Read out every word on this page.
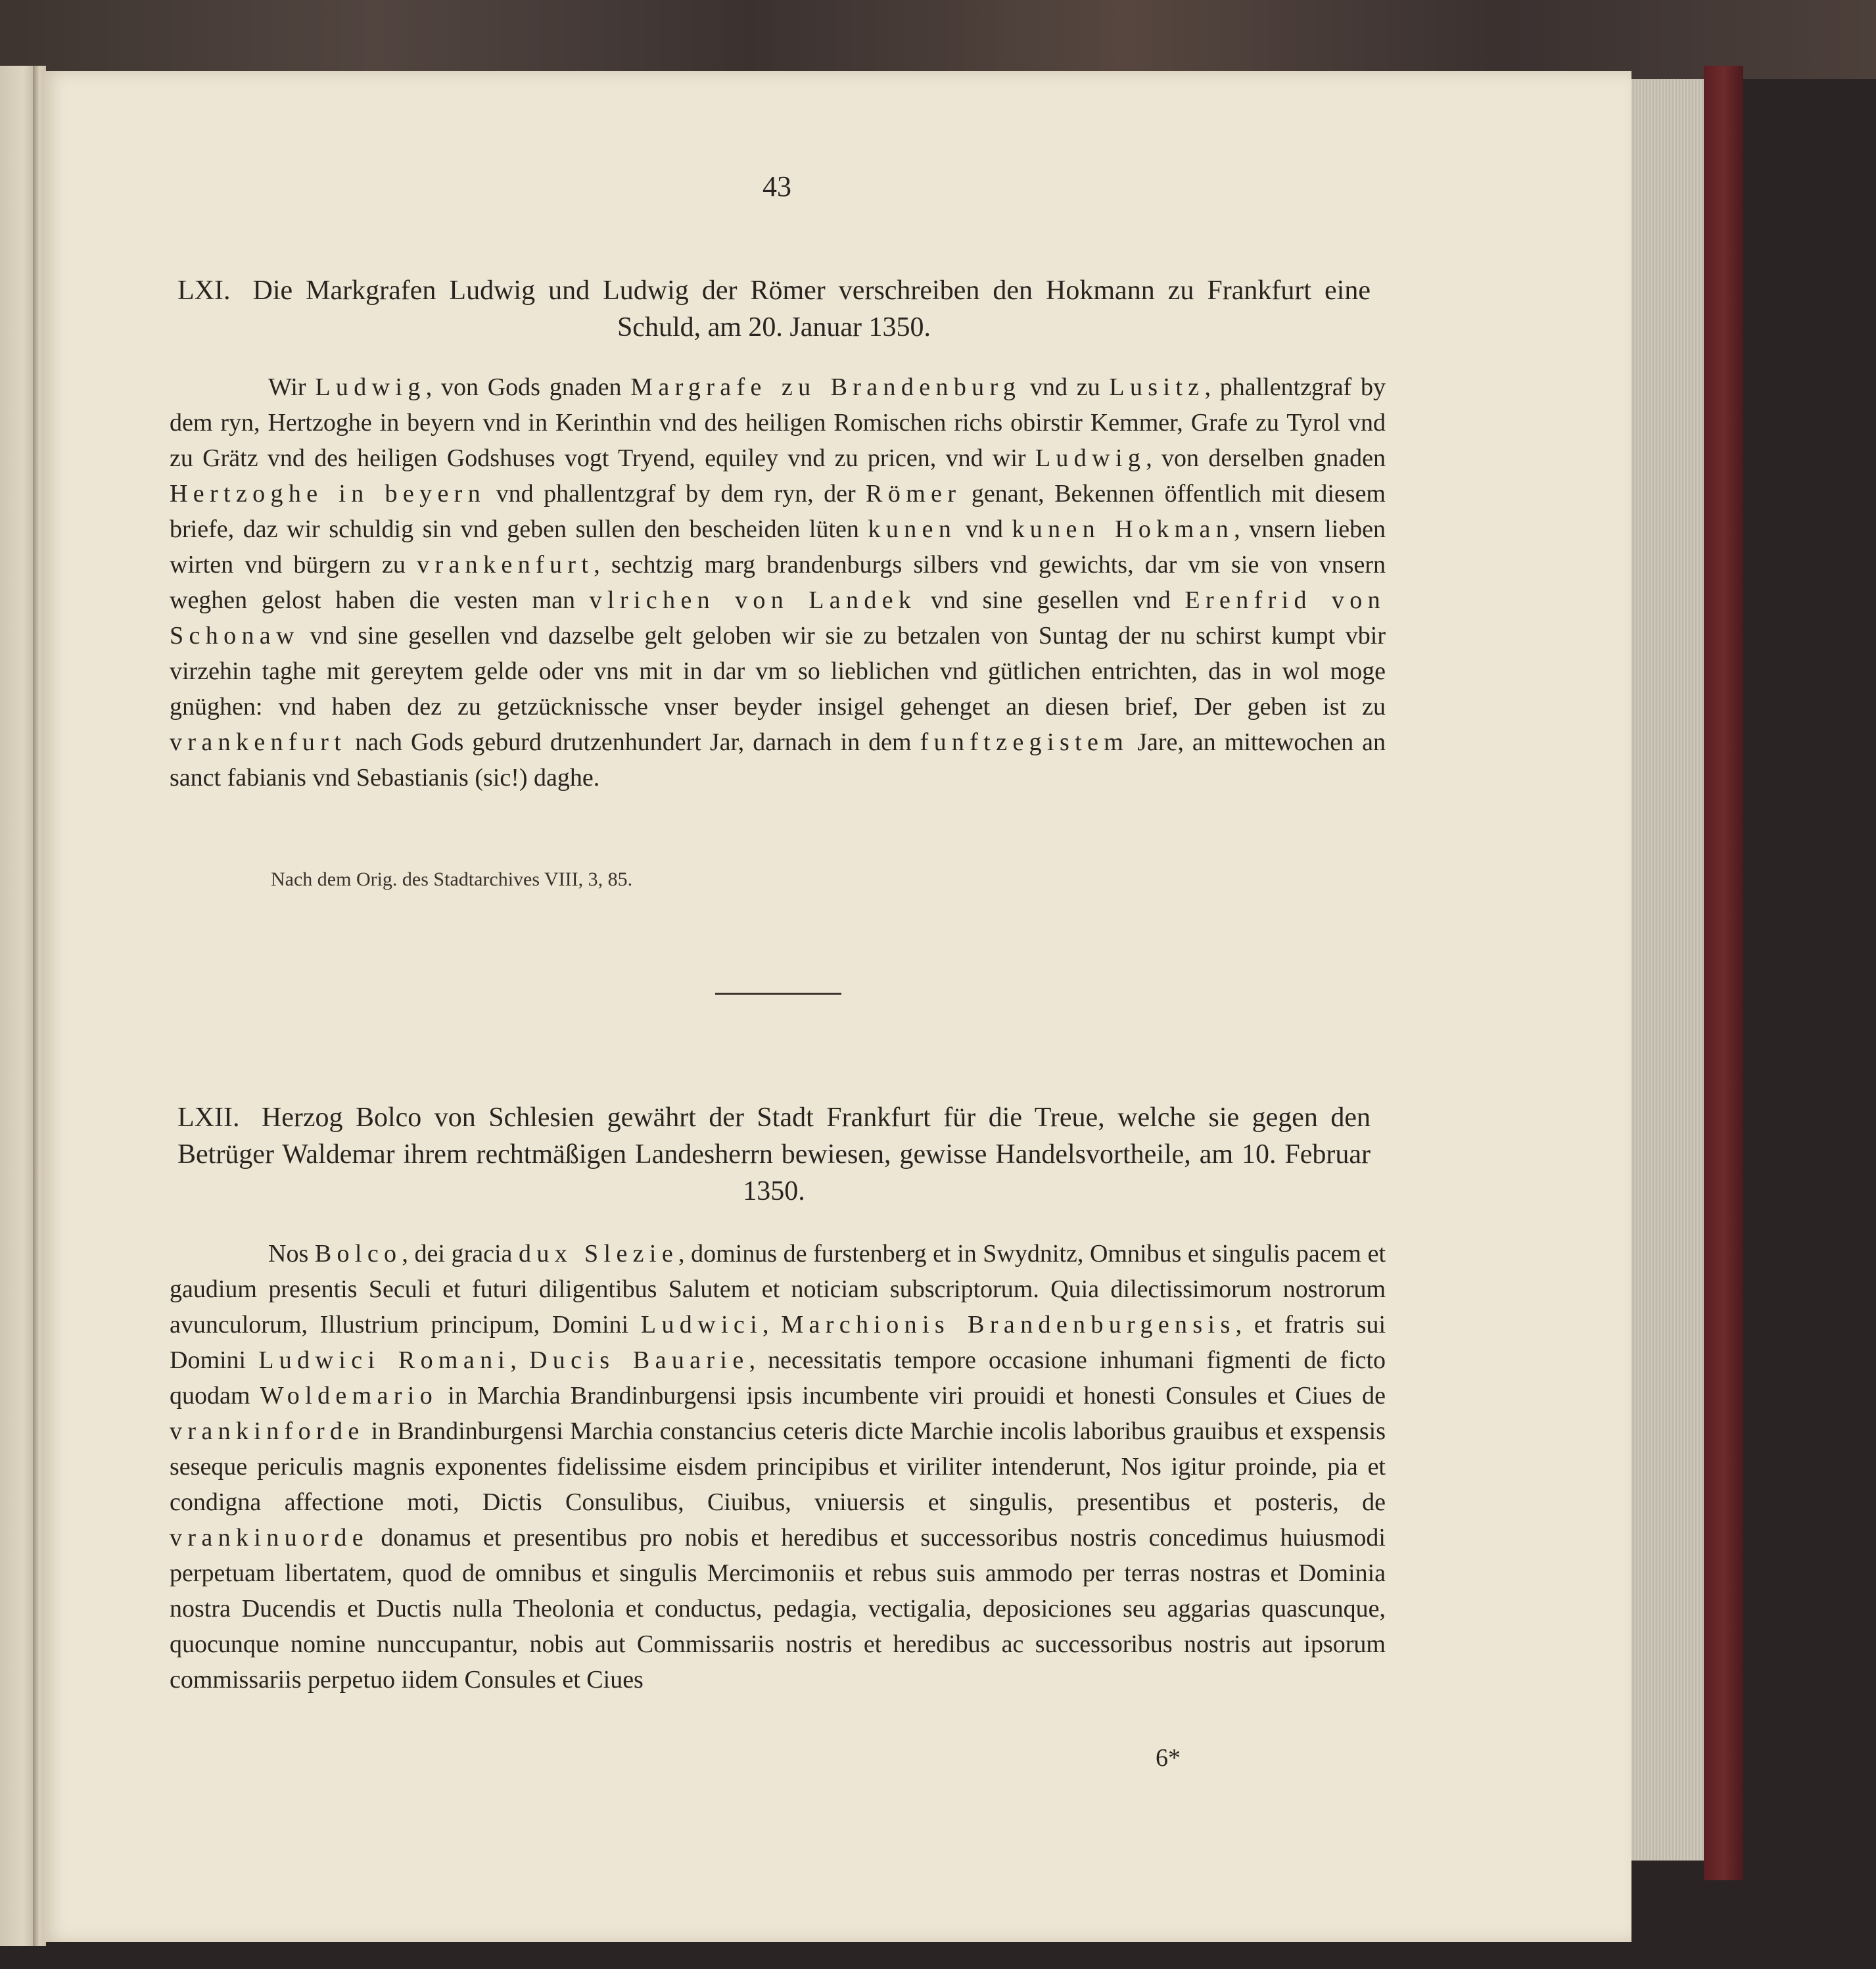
43
LXI. Die Markgrafen Ludwig und Ludwig der Römer verschreiben den Hokmann zu Frankfurt eine Schuld, am 20. Januar 1350.

Wir Ludwig, von Gods gnaden Margrafe zu Brandenburg vnd zu Lusitz, phallentzgraf by dem ryn, Hertzoghe in beyern vnd in Kerinthin vnd des heiligen Romischen richs obirstir Kemmer, Grafe zu Tyrol vnd zu Grätz vnd des heiligen Godshuses vogt Tryend, equiley vnd zu pricen, vnd wir Ludwig, von derselben gnaden Hertzoghe in beyern vnd phallentzgraf by dem ryn, der Römer genant, Bekennen öffentlich mit diesem briefe, daz wir schuldig sin vnd geben sullen den bescheiden lüten kunen vnd kunen Hokman, vnsern lieben wirten vnd bürgern zu vrankenfurt, sechtzig marg brandenburgs silbers vnd gewichts, dar vm sie von vnsern weghen gelost haben die vesten man vlrichen von Landek vnd sine gesellen vnd Erenfrid von Schonaw vnd sine gesellen vnd dazselbe gelt geloben wir sie zu betzalen von Suntag der nu schirst kumpt vbir virzehin taghe mit gereytem gelde oder vns mit in dar vm so lieblichen vnd gütlichen entrichten, das in wol moge gnüghen: vnd haben dez zu getzücknissche vnser beyder insigel gehenget an diesen brief, Der geben ist zu vrankenfurt nach Gods geburd drutzenhundert Jar, darnach in dem funftzegistem Jare, an mittewochen an sanct fabianis vnd Sebastianis (sic!) daghe.

Nach dem Orig. des Stadtarchives VIII, 3, 85.
LXII. Herzog Bolco von Schlesien gewährt der Stadt Frankfurt für die Treue, welche sie gegen den Betrüger Waldemar ihrem rechtmäßigen Landesherrn bewiesen, gewisse Handelsvortheile, am 10. Februar 1350.

Nos Bolco, dei gracia dux Slezie, dominus de furstenberg et in Swydnitz, Omnibus et singulis pacem et gaudium presentis Seculi et futuri diligentibus Salutem et noticiam subscriptorum. Quia dilectissimorum nostrorum avunculorum, Illustrium principum, Domini Ludwici, Marchionis Brandenburgensis, et fratris sui Domini Ludwici Romani, Ducis Bauarie, necessitatis tempore occasione inhumani figmenti de ficto quodam Woldemario in Marchia Brandinburgensi ipsis incumbente viri prouidi et honesti Consules et Ciues de vrankinforde in Brandinburgensi Marchia constancius ceteris dicte Marchie incolis laboribus grauibus et exspensis seseque periculis magnis exponentes fidelissime eisdem principibus et viriliter intenderunt, Nos igitur proinde, pia et condigna affectione moti, Dictis Consulibus, Ciuibus, vniuersis et singulis, presentibus et posteris, de vrankinuorde donamus et presentibus pro nobis et heredibus et successoribus nostris concedimus huiusmodi perpetuam libertatem, quod de omnibus et singulis Mercimoniis et rebus suis ammodo per terras nostras et Dominia nostra Ducendis et Ductis nulla Theolonia et conductus, pedagia, vectigalia, deposiciones seu aggarias quascunque, quocunque nomine nunccupantur, nobis aut Commissariis nostris et heredibus ac successoribus nostris aut ipsorum commissariis perpetuo iidem Consules et Ciues

6*
